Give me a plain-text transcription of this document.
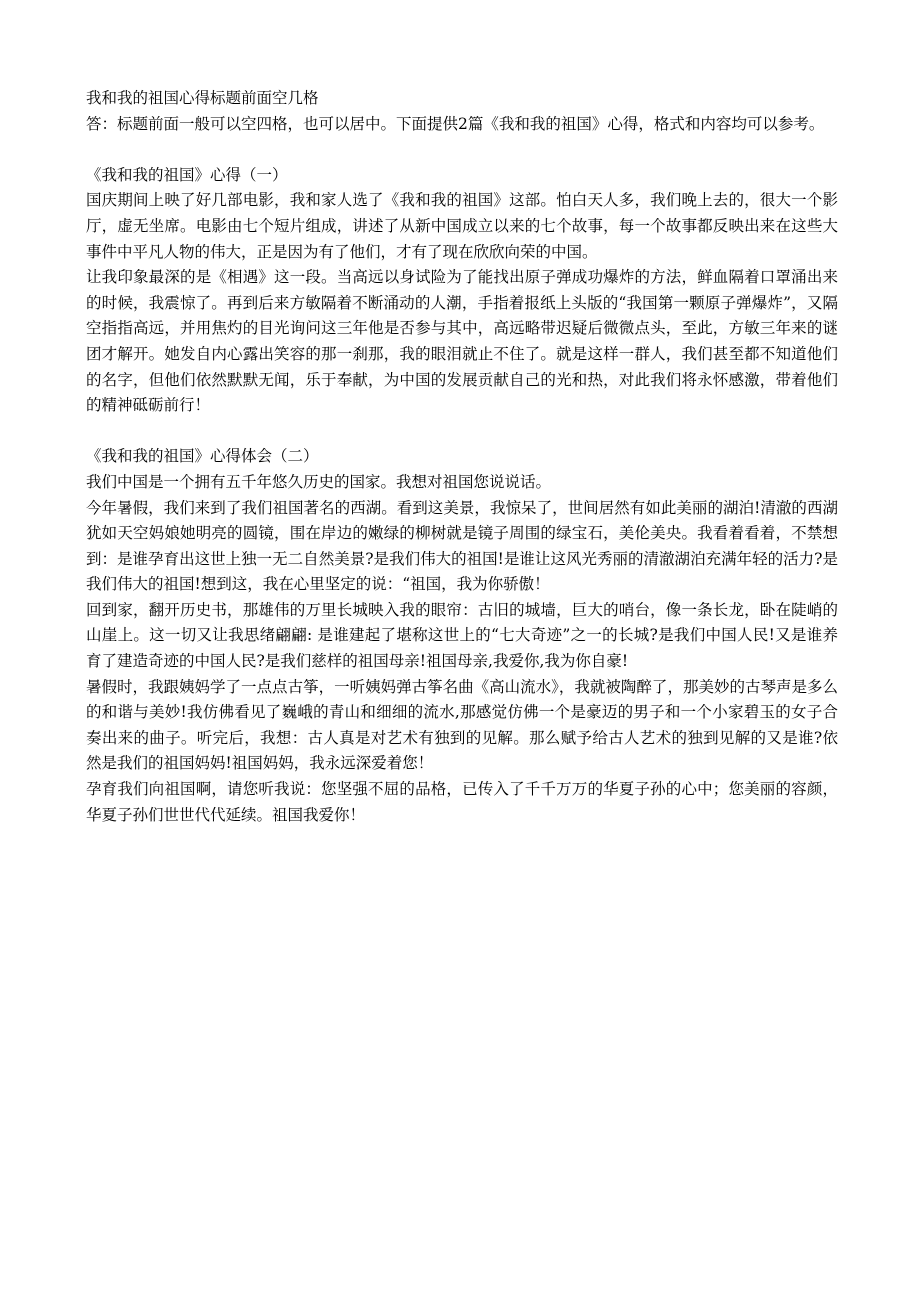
我和我的祖国心得标题前面空几格

答：标题前面一般可以空四格，也可以居中。下面提供2篇《我和我的祖国》心得，格式和内容均可以参考。

《我和我的祖国》心得（一）

国庆期间上映了好几部电影，我和家人选了《我和我的祖国》这部。怕白天人多，我们晚上去的，很大一个影厅，虚无坐席。电影由七个短片组成，讲述了从新中国成立以来的七个故事，每一个故事都反映出来在这些大事件中平凡人物的伟大，正是因为有了他们，才有了现在欣欣向荣的中国。

让我印象最深的是《相遇》这一段。当高远以身试险为了能找出原子弹成功爆炸的方法，鲜血隔着口罩涌出来的时候，我震惊了。再到后来方敏隔着不断涌动的人潮，手指着报纸上头版的“我国第一颗原子弹爆炸”，又隔空指指高远，并用焦灼的目光询问这三年他是否参与其中，高远略带迟疑后微微点头，至此，方敏三年来的谜团才解开。她发自内心露出笑容的那一刹那，我的眼泪就止不住了。就是这样一群人，我们甚至都不知道他们的名字，但他们依然默默无闻，乐于奉献，为中国的发展贡献自己的光和热，对此我们将永怀感激，带着他们的精神砥砺前行！

《我和我的祖国》心得体会（二）

我们中国是一个拥有五千年悠久历史的国家。我想对祖国您说说话。

今年暑假，我们来到了我们祖国著名的西湖。看到这美景，我惊呆了，世间居然有如此美丽的湖泊!清澈的西湖犹如天空妈娘她明亮的圆镜，围在岸边的嫩绿的柳树就是镜子周围的绿宝石，美伦美央。我看着看着，不禁想到：是谁孕育出这世上独一无二自然美景?是我们伟大的祖国!是谁让这风光秀丽的清澈湖泊充满年轻的活力?是我们伟大的祖国!想到这，我在心里坚定的说：“祖国，我为你骄傲！

回到家，翻开历史书，那雄伟的万里长城映入我的眼帘：古旧的城墙，巨大的哨台，像一条长龙，卧在陡峭的山崖上。这一切又让我思绪翩翩: 是谁建起了堪称这世上的“七大奇迹”之一的长城?是我们中国人民!又是谁养育了建造奇迹的中国人民?是我们慈样的祖国母亲!祖国母亲,我爱你,我为你自豪!

暑假时，我跟姨妈学了一点点古筝，一听姨妈弹古筝名曲《高山流水》，我就被陶醉了，那美妙的古琴声是多么的和谐与美妙!我仿佛看见了巍峨的青山和细细的流水,那感觉仿佛一个是豪迈的男子和一个小家碧玉的女子合奏出来的曲子。听完后，我想：古人真是对艺术有独到的见解。那么赋予给古人艺术的独到见解的又是谁?依然是我们的祖国妈妈!祖国妈妈，我永远深爱着您！

孕育我们向祖国啊，请您听我说：您坚强不屈的品格，已传入了千千万万的华夏子孙的心中；您美丽的容颜，华夏子孙们世世代代延续。祖国我爱你！
